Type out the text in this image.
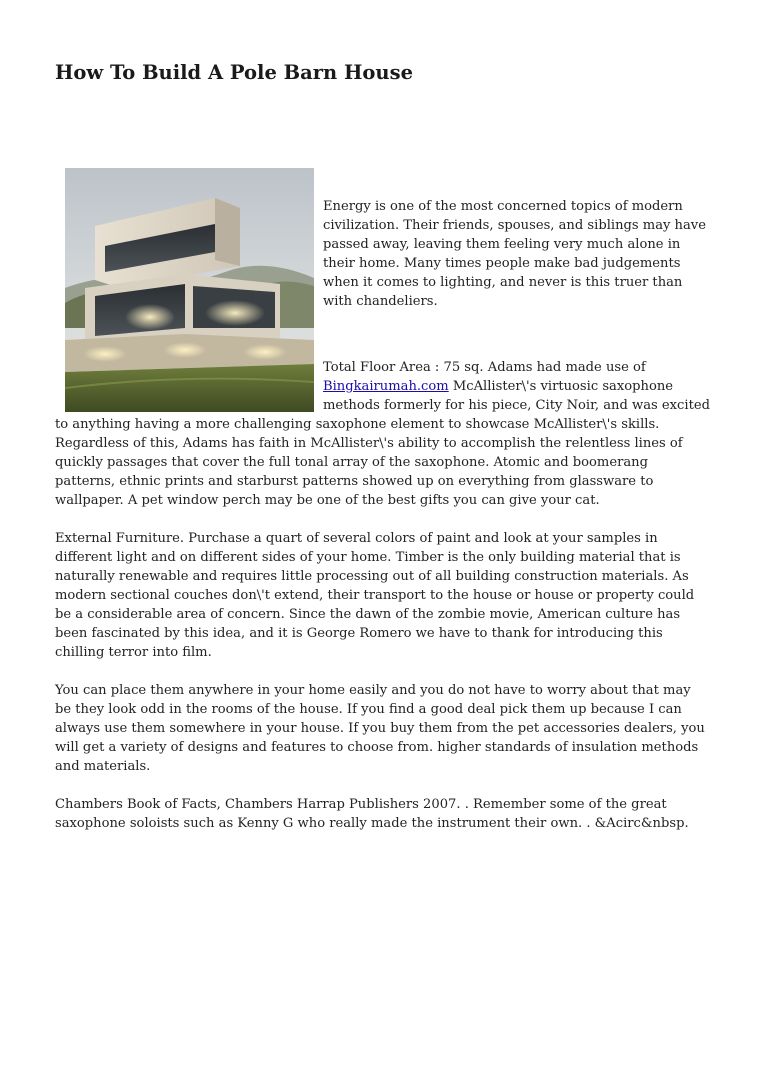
How To Build A Pole Barn House

Energy is one of the most concerned topics of modern civilization. Their friends, spouses, and siblings may have passed away, leaving them feeling very much alone in their home. Many times people make bad judgements when it comes to lighting, and never is this truer than with chandeliers.

Total Floor Area : 75 sq. Adams had made use of Bingkairumah.com McAllister\'s virtuosic saxophone methods formerly for his piece, City Noir, and was excited to anything having a more challenging saxophone element to showcase McAllister\'s skills. Regardless of this, Adams has faith in McAllister\'s ability to accomplish the relentless lines of quickly passages that cover the full tonal array of the saxophone. Atomic and boomerang patterns, ethnic prints and starburst patterns showed up on everything from glassware to wallpaper. A pet window perch may be one of the best gifts you can give your cat.

External Furniture. Purchase a quart of several colors of paint and look at your samples in different light and on different sides of your home. Timber is the only building material that is naturally renewable and requires little processing out of all building construction materials. As modern sectional couches don\'t extend, their transport to the house or house or property could be a considerable area of concern. Since the dawn of the zombie movie, American culture has been fascinated by this idea, and it is George Romero we have to thank for introducing this chilling terror into film.

You can place them anywhere in your home easily and you do not have to worry about that may be they look odd in the rooms of the house. If you find a good deal pick them up because I can always use them somewhere in your house. If you buy them from the pet accessories dealers, you will get a variety of designs and features to choose from. higher standards of insulation methods and materials.

Chambers Book of Facts, Chambers Harrap Publishers 2007. . Remember some of the great saxophone soloists such as Kenny G who really made the instrument their own. . &Acirc&nbsp.
